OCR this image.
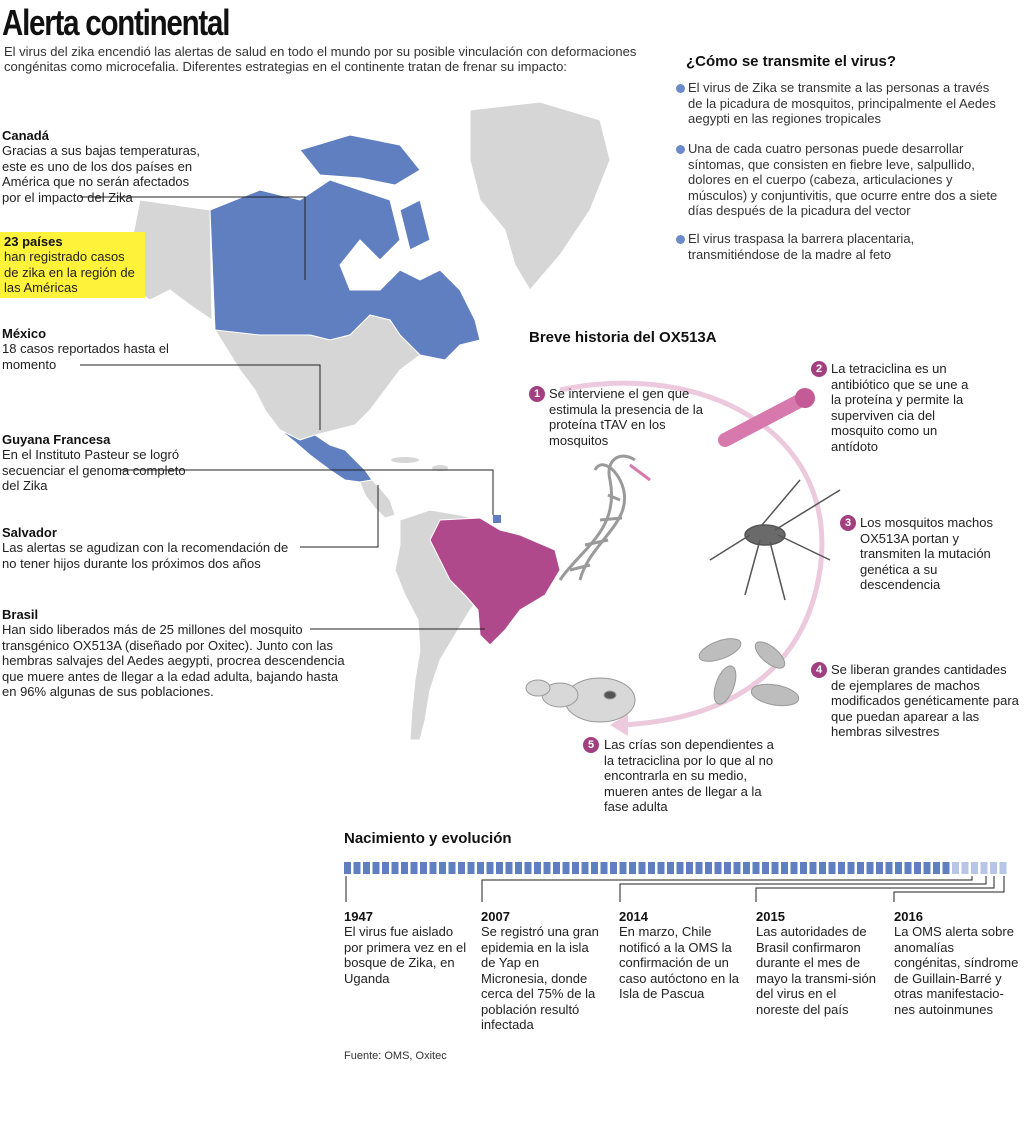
Alerta continental
El virus del zika encendió las alertas de salud en todo el mundo por su posible vinculación con deformaciones congénitas como microcefalia. Diferentes estrategias en el continente tratan de frenar su impacto:
Canadá
Gracias a sus bajas temperaturas, este es uno de los dos países en América que no serán afectados por el impacto del Zika
23 países
han registrado casos de zika en la región de las Américas
México
18 casos reportados hasta el momento
Guyana Francesa
En el Instituto Pasteur se logró secuenciar el genoma completo del Zika
Salvador
Las alertas se agudizan con la recomendación de no tener hijos durante los próximos dos años
Brasil
Han sido liberados más de 25 millones del mosquito transgénico OX513A (diseñado por Oxitec). Junto con las hembras salvajes del Aedes aegypti, procrea descendencia que muere antes de llegar a la edad adulta, bajando hasta en 96% algunas de sus poblaciones.
¿Cómo se transmite el virus?
El virus de Zika se transmite a las personas a través de la picadura de mosquitos, principalmente el Aedes aegypti en las regiones tropicales
Una de cada cuatro personas puede desarrollar síntomas, que consisten en fiebre leve, salpullido, dolores en el cuerpo (cabeza, articulaciones y músculos) y conjuntivitis, que ocurre entre dos a siete días después de la picadura del vector
El virus traspasa la barrera placentaria, transmitiéndose de la madre al feto
Breve historia del OX513A
1 Se interviene el gen que estimula la presencia de la proteína tTAV en los mosquitos
2 La tetraciclina es un antibiótico que se une a la proteína y permite la superviven cia del mosquito como un antídoto
3 Los mosquitos machos OX513A portan y transmiten la mutación genética a su descendencia
4 Se liberan grandes cantidades de ejemplares de machos modificados genéticamente para que puedan aparear a las hembras silvestres
5 Las crías son dependientes a la tetraciclina por lo que al no encontrarla en su medio, mueren antes de llegar a la fase adulta
Nacimiento y evolución
1947
El virus fue aislado por primera vez en el bosque de Zika, en Uganda
2007
Se registró una gran epidemia en la isla de Yap en Micronesia, donde cerca del 75% de la población resultó infectada
2014
En marzo, Chile notificó a la OMS la confirmación de un caso autóctono en la Isla de Pascua
2015
Las autoridades de Brasil confirmaron durante el mes de mayo la transmi-sión del virus en el noreste del país
2016
La OMS alerta sobre anomalías congénitas, síndrome de Guillain-Barré y otras manifestacio-nes autoinmunes
Fuente: OMS, Oxitec
